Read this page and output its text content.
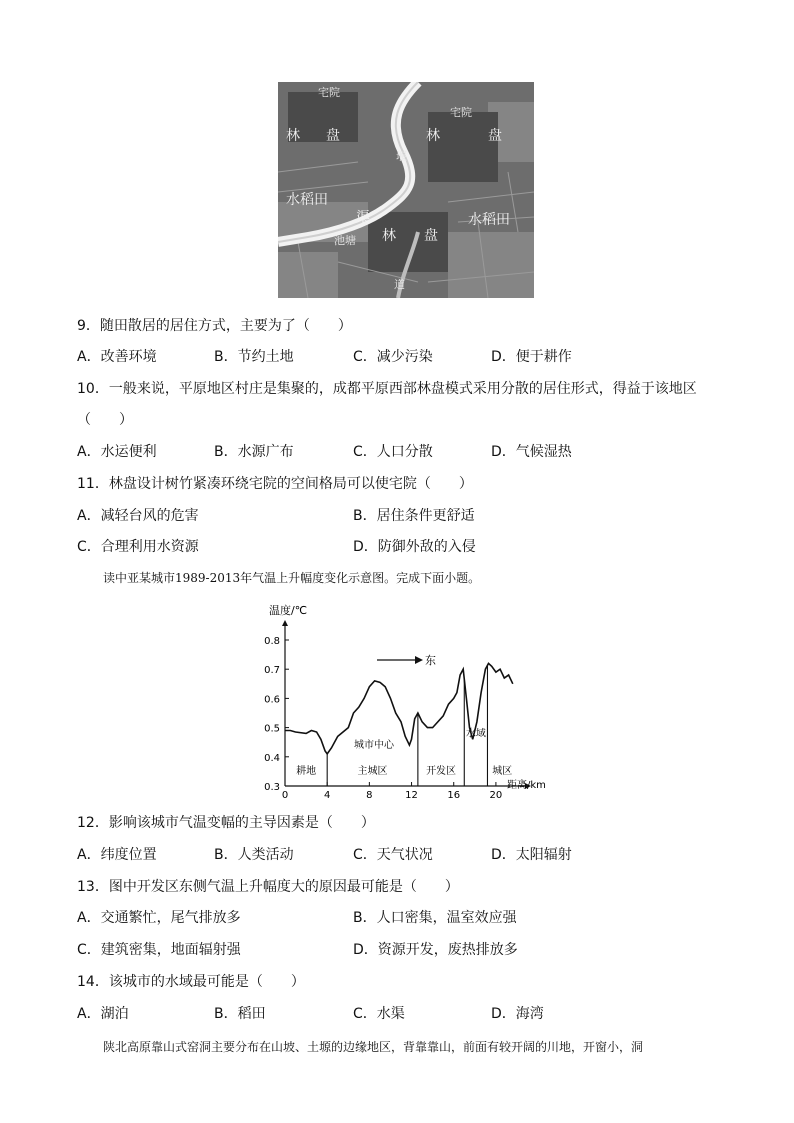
林 盘	林	盘
水稻田
水稻田
渠
林 盘
池塘
道
堰
宅院
宅院
9．随田散居的居住方式，主要为了（　　）
A．改善环境	B．节约土地	C．减少污染	D．便于耕作
10．一般来说，平原地区村庄是集聚的，成都平原西部林盘模式采用分散的居住形式，得益于该地区
（　　）
A．水运便利	B．水源广布	C．人口分散	D．气候湿热
11．林盘设计树竹紧凑环绕宅院的空间格局可以使宅院（　　）
A．减轻台风的危害	B．居住条件更舒适
C．合理利用水资源	D．防御外敌的入侵
读中亚某城市1989-2013年气温上升幅度变化示意图。完成下面小题。
0.3
0.4
0.5
0.6
0.7
0.8
0	4	8	12	16	20
耕地	主城区	开发区
水域
城区
温度/℃
距离/km
城市中心
东
12．影响该城市气温变幅的主导因素是（　　）
A．纬度位置	B．人类活动	C．天气状况	D．太阳辐射
13．图中开发区东侧气温上升幅度大的原因最可能是（　　）
A．交通繁忙，尾气排放多	B．人口密集，温室效应强
C．建筑密集，地面辐射强	D．资源开发，废热排放多
14．该城市的水域最可能是（　　）
A．湖泊	B．稻田	C．水渠	D．海湾
陕北高原靠山式窑洞主要分布在山坡、土塬的边缘地区，背靠靠山，前面有较开阔的川地，开窗小，洞
